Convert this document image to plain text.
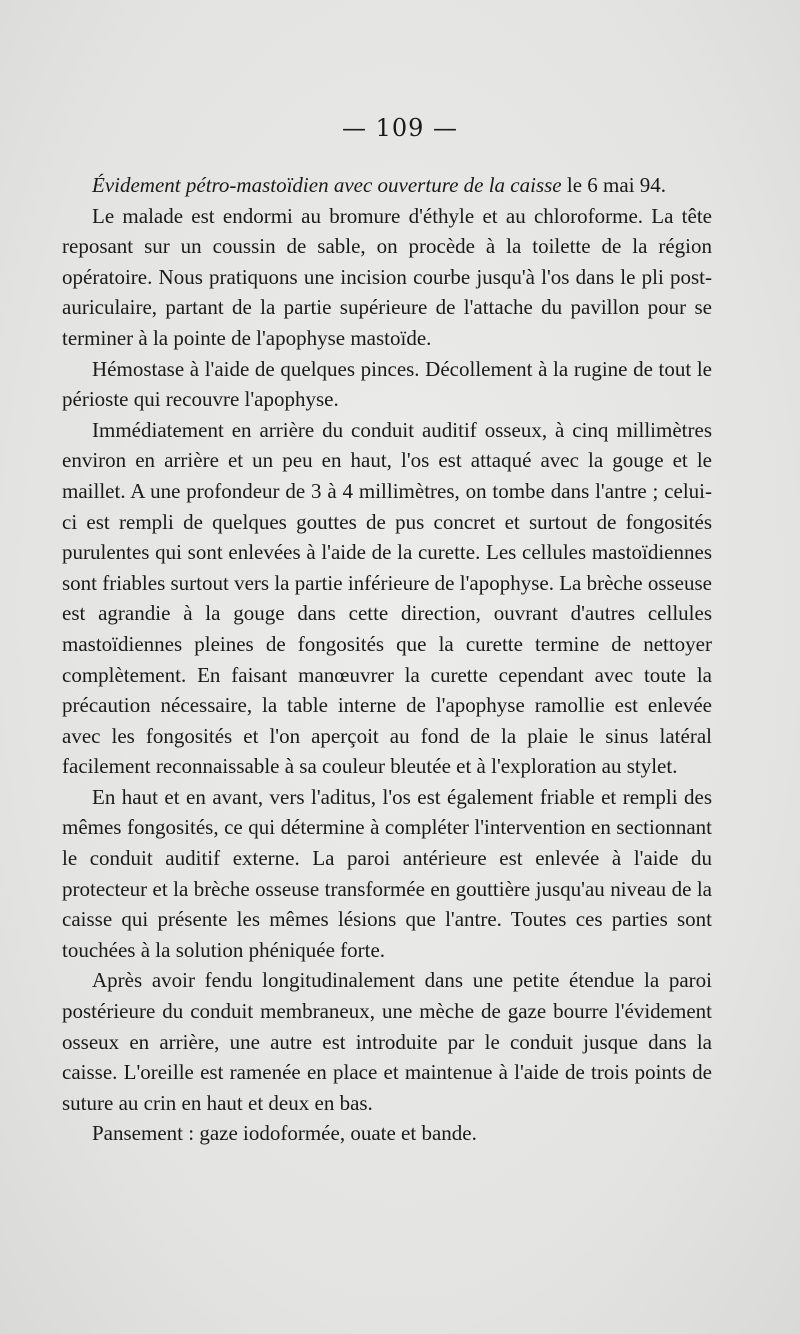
— 109 —

Évidement pétro-mastoïdien avec ouverture de la caisse le 6 mai 94.

Le malade est endormi au bromure d'éthyle et au chloroforme. La tête reposant sur un coussin de sable, on procède à la toilette de la région opératoire. Nous pratiquons une incision courbe jusqu'à l'os dans le pli post-auriculaire, partant de la partie supérieure de l'attache du pavillon pour se terminer à la pointe de l'apophyse mastoïde.

Hémostase à l'aide de quelques pinces. Décollement à la rugine de tout le périoste qui recouvre l'apophyse.

Immédiatement en arrière du conduit auditif osseux, à cinq millimètres environ en arrière et un peu en haut, l'os est attaqué avec la gouge et le maillet. A une profondeur de 3 à 4 millimètres, on tombe dans l'antre ; celui-ci est rempli de quelques gouttes de pus concret et surtout de fongosités purulentes qui sont enlevées à l'aide de la curette. Les cellules mastoïdiennes sont friables surtout vers la partie inférieure de l'apophyse. La brèche osseuse est agrandie à la gouge dans cette direction, ouvrant d'autres cellules mastoïdiennes pleines de fongosités que la curette termine de nettoyer complètement. En faisant manœuvrer la curette cependant avec toute la précaution nécessaire, la table interne de l'apophyse ramollie est enlevée avec les fongosités et l'on aperçoit au fond de la plaie le sinus latéral facilement reconnaissable à sa couleur bleutée et à l'exploration au stylet.

En haut et en avant, vers l'aditus, l'os est également friable et rempli des mêmes fongosités, ce qui détermine à compléter l'intervention en sectionnant le conduit auditif externe. La paroi antérieure est enlevée à l'aide du protecteur et la brèche osseuse transformée en gouttière jusqu'au niveau de la caisse qui présente les mêmes lésions que l'antre. Toutes ces parties sont touchées à la solution phéniquée forte.

Après avoir fendu longitudinalement dans une petite étendue la paroi postérieure du conduit membraneux, une mèche de gaze bourre l'évidement osseux en arrière, une autre est introduite par le conduit jusque dans la caisse. L'oreille est ramenée en place et maintenue à l'aide de trois points de suture au crin en haut et deux en bas.

Pansement : gaze iodoformée, ouate et bande.
